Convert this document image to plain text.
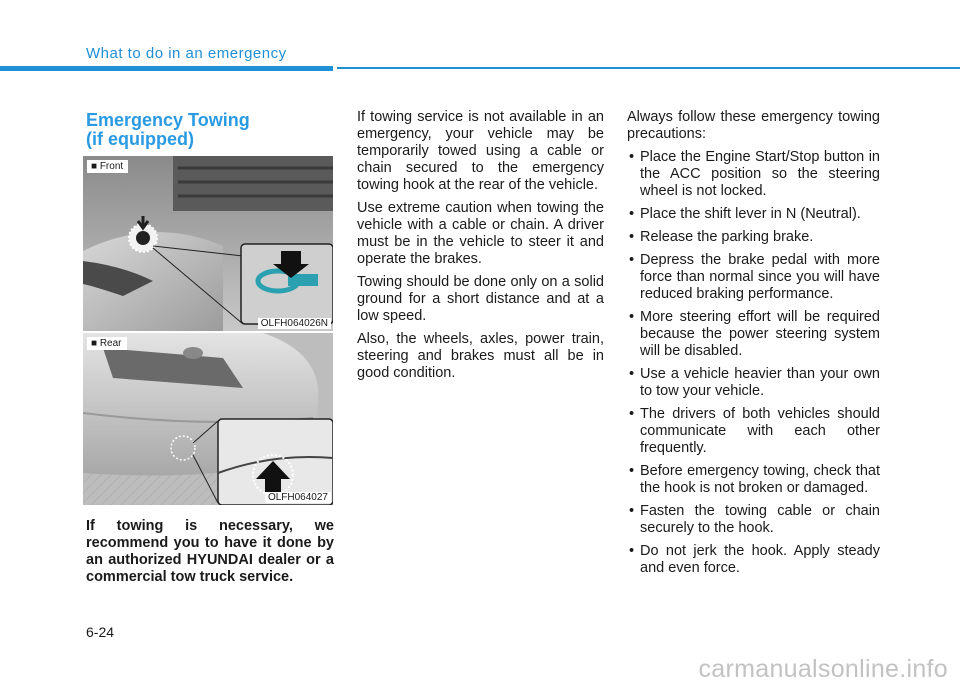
What to do in an emergency
Emergency Towing
(if equipped)
■ Front
OLFH064026N
■ Rear
OLFH064027

If towing is necessary, we recommend you to have it done by an authorized HYUNDAI dealer or a commercial tow truck service.

If towing service is not available in an emergency, your vehicle may be temporarily towed using a cable or chain secured to the emergency towing hook at the rear of the vehicle.

Use extreme caution when towing the vehicle with a cable or chain. A driver must be in the vehicle to steer it and operate the brakes.

Towing should be done only on a solid ground for a short distance and at a low speed.

Also, the wheels, axles, power train, steering and brakes must all be in good condition.

Always follow these emergency towing precautions:

• Place the Engine Start/Stop button in the ACC position so the steering wheel is not locked.
• Place the shift lever in N (Neutral).
• Release the parking brake.
• Depress the brake pedal with more force than normal since you will have reduced braking performance.
• More steering effort will be required because the power steering system will be disabled.
• Use a vehicle heavier than your own to tow your vehicle.
• The drivers of both vehicles should communicate with each other frequently.
• Before emergency towing, check that the hook is not broken or damaged.
• Fasten the towing cable or chain securely to the hook.
• Do not jerk the hook. Apply steady and even force.
6-24
carmanualsonline.info
